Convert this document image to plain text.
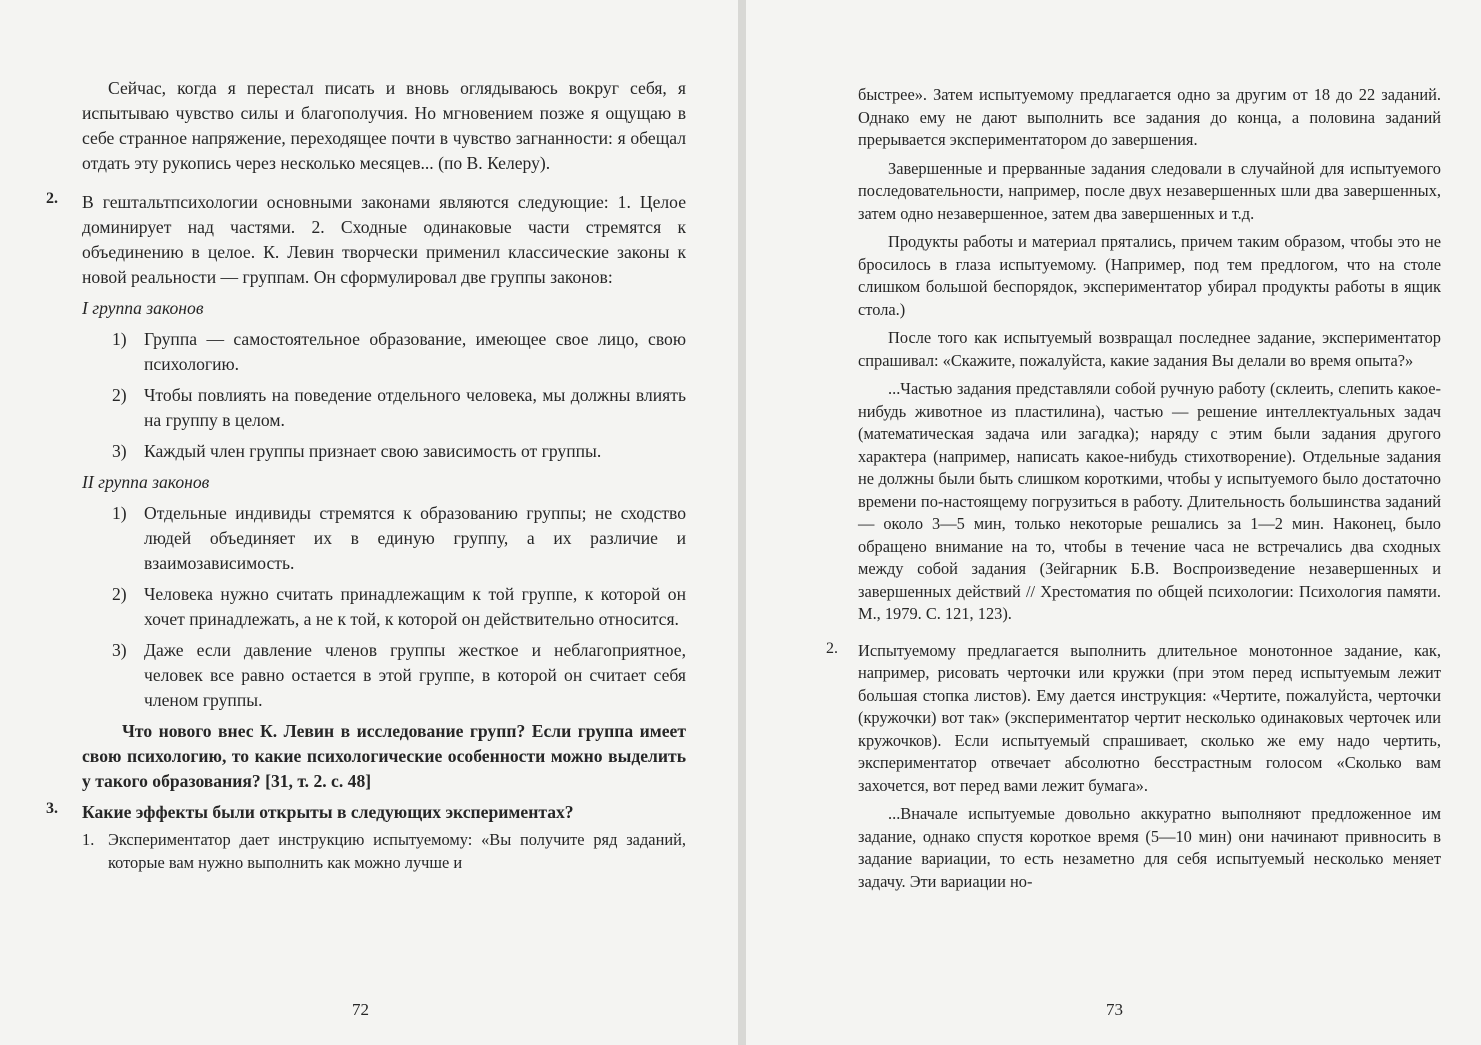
Сейчас, когда я перестал писать и вновь оглядываюсь вокруг себя, я испытываю чувство силы и благополучия. Но мгновением позже я ощущаю в себе странное напряжение, переходящее почти в чувство загнанности: я обещал отдать эту рукопись через несколько месяцев... (по В. Келеру).

2. В гештальтпсихологии основными законами являются следующие: 1. Целое доминирует над частями. 2. Сходные одинаковые части стремятся к объединению в целое. К. Левин творчески применил классические законы к новой реальности — группам. Он сформулировал две группы законов:

I группа законов

1) Группа — самостоятельное образование, имеющее свое лицо, свою психологию.
2) Чтобы повлиять на поведение отдельного человека, мы должны влиять на группу в целом.
3) Каждый член группы признает свою зависимость от группы.

II группа законов

1) Отдельные индивиды стремятся к образованию группы; не сходство людей объединяет их в единую группу, а их различие и взаимозависимость.
2) Человека нужно считать принадлежащим к той группе, к которой он хочет принадлежать, а не к той, к которой он действительно относится.
3) Даже если давление членов группы жесткое и неблагоприятное, человек все равно остается в этой группе, в которой он считает себя членом группы.

Что нового внес К. Левин в исследование групп? Если группа имеет свою психологию, то какие психологические особенности можно выделить у такого образования? [31, т. 2. с. 48]

3. Какие эффекты были открыты в следующих экспериментах?

1. Экспериментатор дает инструкцию испытуемому: «Вы получите ряд заданий, которые вам нужно выполнить как можно лучше и
72

быстрее». Затем испытуемому предлагается одно за другим от 18 до 22 заданий. Однако ему не дают выполнить все задания до конца, а половина заданий прерывается экспериментатором до завершения.

Завершенные и прерванные задания следовали в случайной для испытуемого последовательности, например, после двух незавершенных шли два завершенных, затем одно незавершенное, затем два завершенных и т.д.

Продукты работы и материал прятались, причем таким образом, чтобы это не бросилось в глаза испытуемому. (Например, под тем предлогом, что на столе слишком большой беспорядок, экспериментатор убирал продукты работы в ящик стола.)

После того как испытуемый возвращал последнее задание, экспериментатор спрашивал: «Скажите, пожалуйста, какие задания Вы делали во время опыта?»

...Частью задания представляли собой ручную работу (склеить, слепить какое-нибудь животное из пластилина), частью — решение интеллектуальных задач (математическая задача или загадка); наряду с этим были задания другого характера (например, написать какое-нибудь стихотворение). Отдельные задания не должны были быть слишком короткими, чтобы у испытуемого было достаточно времени по-настоящему погрузиться в работу. Длительность большинства заданий — около 3—5 мин, только некоторые решались за 1—2 мин. Наконец, было обращено внимание на то, чтобы в течение часа не встречались два сходных между собой задания (Зейгарник Б.В. Воспроизведение незавершенных и завершенных действий // Хрестоматия по общей психологии: Психология памяти. М., 1979. С. 121, 123).

2. Испытуемому предлагается выполнить длительное монотонное задание, как, например, рисовать черточки или кружки (при этом перед испытуемым лежит большая стопка листов). Ему дается инструкция: «Чертите, пожалуйста, черточки (кружочки) вот так» (экспериментатор чертит несколько одинаковых черточек или кружочков). Если испытуемый спрашивает, сколько же ему надо чертить, экспериментатор отвечает абсолютно бесстрастным голосом «Сколько вам захочется, вот перед вами лежит бумага».

...Вначале испытуемые довольно аккуратно выполняют предложенное им задание, однако спустя короткое время (5—10 мин) они начинают привносить в задание вариации, то есть незаметно для себя испытуемый несколько меняет задачу. Эти вариации но-

73
